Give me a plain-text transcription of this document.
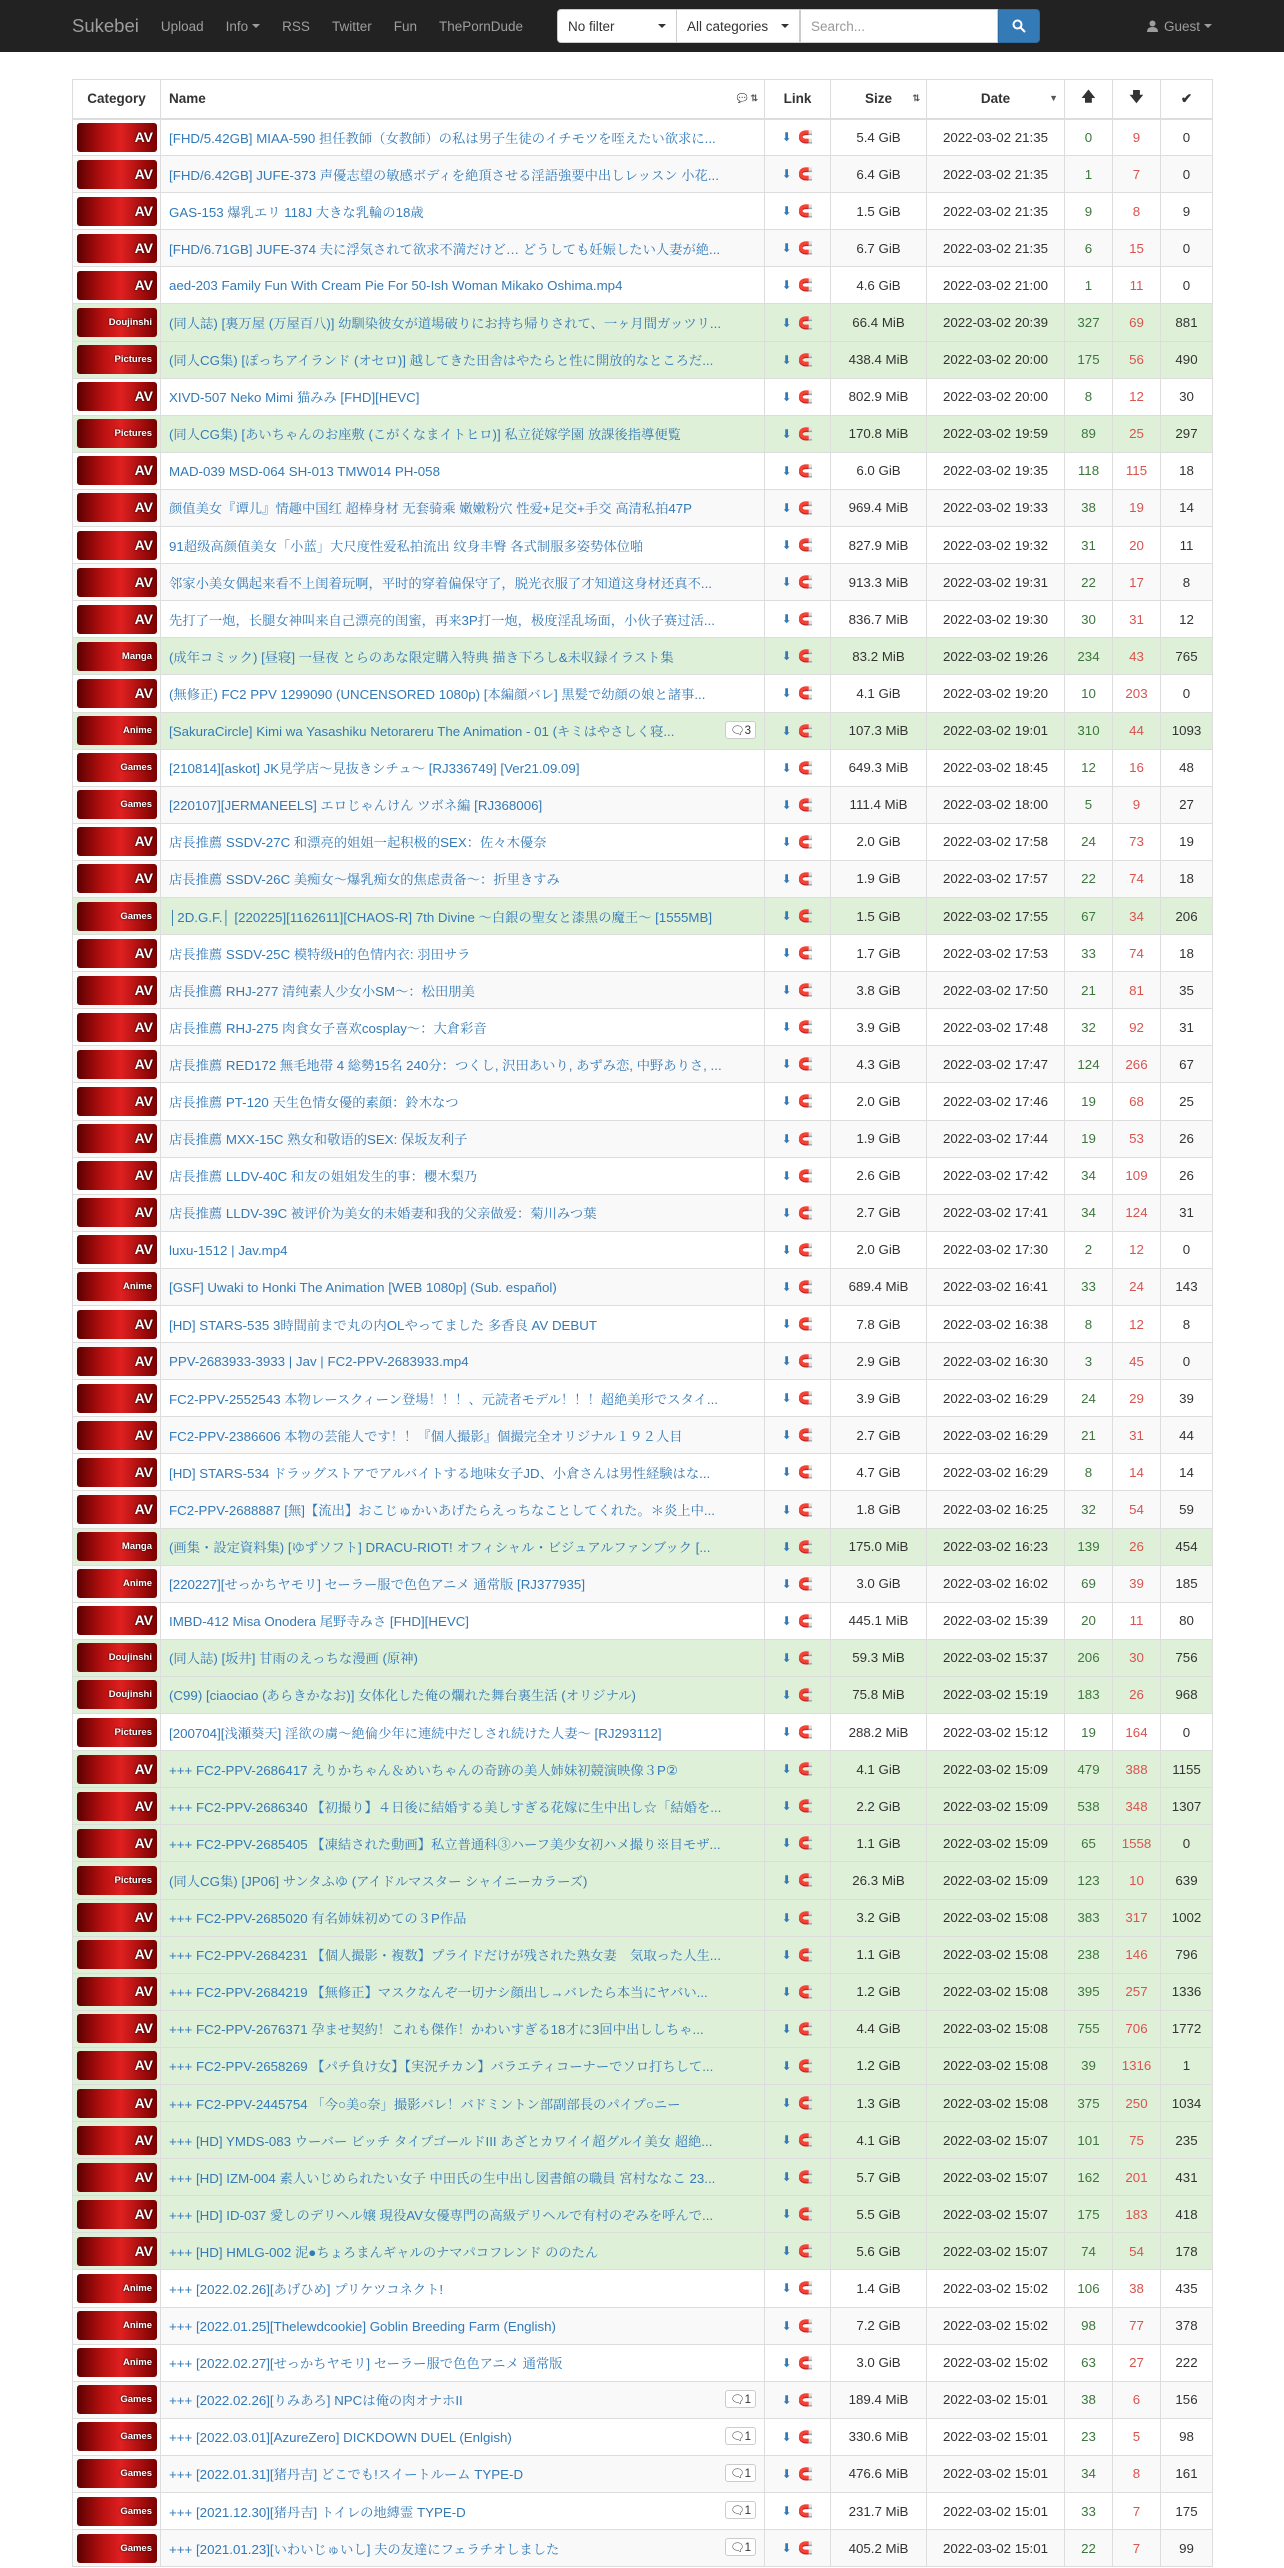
Sukebei Upload Info	RSS Twitter Fun ThePornDude	No filter	All categories	Search...	Guest
Category	Name 💬 ⇅	Link	Size ⇅	Date ▼	🡅	🡇	✔

AV	[FHD/5.42GB] MIAA-590 担任教師（女教師）の私は男子生徒のイチモツを咥えたい欲求に...	⬇ 🧲	5.4 GiB	2022-03-02 21:35	0	9	0

AV	[FHD/6.42GB] JUFE-373 声優志望の敏感ボディを絶頂させる淫語強要中出しレッスン 小花...	⬇ 🧲	6.4 GiB	2022-03-02 21:35	1	7	0

AV	GAS-153 爆乳エリ 118J 大きな乳輪の18歳	⬇ 🧲	1.5 GiB	2022-03-02 21:35	9	8	9

AV	[FHD/6.71GB] JUFE-374 夫に浮気されて欲求不満だけど… どうしても妊娠したい人妻が絶...	⬇ 🧲	6.7 GiB	2022-03-02 21:35	6	15	0

AV	aed-203 Family Fun With Cream Pie For 50-Ish Woman Mikako Oshima.mp4	⬇ 🧲	4.6 GiB	2022-03-02 21:00	1	11	0

Doujinshi	(同人誌) [裏万屋 (万屋百八)] 幼馴染彼女が道場破りにお持ち帰りされて、一ヶ月間ガッツリ...	⬇ 🧲	66.4 MiB	2022-03-02 20:39	327	69	881

Pictures	(同人CG集) [ぽっちアイランド (オセロ)] 越してきた田舎はやたらと性に開放的なところだ...	⬇ 🧲	438.4 MiB	2022-03-02 20:00	175	56	490

AV	XIVD-507 Neko Mimi 猫みみ [FHD][HEVC]	⬇ 🧲	802.9 MiB	2022-03-02 20:00	8	12	30

Pictures	(同人CG集) [あいちゃんのお座敷 (こがくなまイトヒロ)] 私立従嫁学園 放課後指導便覧	⬇ 🧲	170.8 MiB	2022-03-02 19:59	89	25	297

AV	MAD-039 MSD-064 SH-013 TMW014 PH-058	⬇ 🧲	6.0 GiB	2022-03-02 19:35	118	115	18

AV	颜值美女『谭儿』情趣中国红 超棒身材 无套骑乘 嫩嫩粉穴 性爱+足交+手交 高清私拍47P	⬇ 🧲	969.4 MiB	2022-03-02 19:33	38	19	14

AV	91超级高颜值美女「小蓝」大尺度性爱私拍流出 纹身丰臀 各式制服多姿势体位啪	⬇ 🧲	827.9 MiB	2022-03-02 19:32	31	20	11

AV	邻家小美女偶起来看不上闺着玩啊，平时的穿着偏保守了，脱光衣服了才知道这身材还真不...	⬇ 🧲	913.3 MiB	2022-03-02 19:31	22	17	8

AV	先打了一炮，长腿女神叫来自己漂亮的闺蜜，再来3P打一炮，极度淫乱场面，小伙子赛过活...	⬇ 🧲	836.7 MiB	2022-03-02 19:30	30	31	12

Manga	(成年コミック) [昼寝] 一昼夜 とらのあな限定購入特典 描き下ろし&未収録イラスト集	⬇ 🧲	83.2 MiB	2022-03-02 19:26	234	43	765

AV	(無修正) FC2 PPV 1299090 (UNCENSORED 1080p) [本編顔バレ] 黒髪で幼顔の娘と諸事...	⬇ 🧲	4.1 GiB	2022-03-02 19:20	10	203	0

Anime	[SakuraCircle] Kimi wa Yasashiku Netorareru The Animation - 01 (キミはやさしく寝... 🗨3	⬇ 🧲	107.3 MiB	2022-03-02 19:01	310	44	1093

Games	[210814][askot] JK見学店～見抜きシチュ～ [RJ336749] [Ver21.09.09]	⬇ 🧲	649.3 MiB	2022-03-02 18:45	12	16	48

Games	[220107][JERMANEELS] エロじゃんけん ツボネ編 [RJ368006]	⬇ 🧲	111.4 MiB	2022-03-02 18:00	5	9	27

AV	店長推薦 SSDV-27C 和漂亮的姐姐一起积极的SEX：佐々木優奈	⬇ 🧲	2.0 GiB	2022-03-02 17:58	24	73	19

AV	店長推薦 SSDV-26C 美痴女～爆乳痴女的焦虑责备～：折里きすみ	⬇ 🧲	1.9 GiB	2022-03-02 17:57	22	74	18

Games	│2D.G.F.│ [220225][1162611][CHAOS-R] 7th Divine 〜白銀の聖女と漆黒の魔王〜 [1555MB]	⬇ 🧲	1.5 GiB	2022-03-02 17:55	67	34	206

AV	店長推薦 SSDV-25C 模特级H的色情内衣: 羽田サラ	⬇ 🧲	1.7 GiB	2022-03-02 17:53	33	74	18

AV	店長推薦 RHJ-277 清纯素人少女小SM～：松田朋美	⬇ 🧲	3.8 GiB	2022-03-02 17:50	21	81	35

AV	店長推薦 RHJ-275 肉食女子喜欢cosplay～：大倉彩音	⬇ 🧲	3.9 GiB	2022-03-02 17:48	32	92	31

AV	店長推薦 RED172 無毛地帯 4 総勢15名 240分：つくし, 沢田あいり, あずみ恋, 中野ありさ, ...	⬇ 🧲	4.3 GiB	2022-03-02 17:47	124	266	67

AV	店長推薦 PT-120 天生色情女優的素顔：鈴木なつ	⬇ 🧲	2.0 GiB	2022-03-02 17:46	19	68	25

AV	店長推薦 MXX-15C 熟女和敬语的SEX: 保坂友利子	⬇ 🧲	1.9 GiB	2022-03-02 17:44	19	53	26

AV	店長推薦 LLDV-40C 和友の姐姐发生的事：櫻木梨乃	⬇ 🧲	2.6 GiB	2022-03-02 17:42	34	109	26

AV	店長推薦 LLDV-39C 被评价为美女的未婚妻和我的父亲做爱：菊川みつ葉	⬇ 🧲	2.7 GiB	2022-03-02 17:41	34	124	31

AV	luxu-1512 | Jav.mp4	⬇ 🧲	2.0 GiB	2022-03-02 17:30	2	12	0

Anime	[GSF] Uwaki to Honki The Animation [WEB 1080p] (Sub. español)	⬇ 🧲	689.4 MiB	2022-03-02 16:41	33	24	143

AV	[HD] STARS-535 3時間前まで丸の内OLやってました 多香良 AV DEBUT	⬇ 🧲	7.8 GiB	2022-03-02 16:38	8	12	8

AV	PPV-2683933-3933 | Jav | FC2-PPV-2683933.mp4	⬇ 🧲	2.9 GiB	2022-03-02 16:30	3	45	0

AV	FC2-PPV-2552543 本物レースクィーン登場！！！、元読者モデル！！！超絶美形でスタイ...	⬇ 🧲	3.9 GiB	2022-03-02 16:29	24	29	39

AV	FC2-PPV-2386606 本物の芸能人です！！『個人撮影』個撮完全オリジナル１９２人目	⬇ 🧲	2.7 GiB	2022-03-02 16:29	21	31	44

AV	[HD] STARS-534 ドラッグストアでアルバイトする地味女子JD、小倉さんは男性経験はな...	⬇ 🧲	4.7 GiB	2022-03-02 16:29	8	14	14

AV	FC2-PPV-2688887 [無]【流出】おこじゅかいあげたらえっちなことしてくれた。＊炎上中...	⬇ 🧲	1.8 GiB	2022-03-02 16:25	32	54	59

Manga	(画集・設定資料集) [ゆずソフト] DRACU-RIOT! オフィシャル・ビジュアルファンブック [...	⬇ 🧲	175.0 MiB	2022-03-02 16:23	139	26	454

Anime	[220227][せっかちヤモリ] セーラー服で色色アニメ 通常版 [RJ377935]	⬇ 🧲	3.0 GiB	2022-03-02 16:02	69	39	185

AV	IMBD-412 Misa Onodera 尾野寺みさ [FHD][HEVC]	⬇ 🧲	445.1 MiB	2022-03-02 15:39	20	11	80

Doujinshi	(同人誌) [坂井] 甘雨のえっちな漫画 (原神)	⬇ 🧲	59.3 MiB	2022-03-02 15:37	206	30	756

Doujinshi	(C99) [ciaociao (あらきかなお)] 女体化した俺の爛れた舞台裏生活 (オリジナル)	⬇ 🧲	75.8 MiB	2022-03-02 15:19	183	26	968

Pictures	[200704][浅瀬葵天] 淫欲の虜～絶倫少年に連続中だしされ続けた人妻～ [RJ293112]	⬇ 🧲	288.2 MiB	2022-03-02 15:12	19	164	0

AV	+++ FC2-PPV-2686417 えりかちゃん＆めいちゃんの奇跡の美人姉妹初競演映像３P②	⬇ 🧲	4.1 GiB	2022-03-02 15:09	479	388	1155

AV	+++ FC2-PPV-2686340 【初撮り】４日後に結婚する美しすぎる花嫁に生中出し☆「結婚を...	⬇ 🧲	2.2 GiB	2022-03-02 15:09	538	348	1307

AV	+++ FC2-PPV-2685405 【凍結された動画】私立普通科③ハーフ美少女初ハメ撮り※目モザ...	⬇ 🧲	1.1 GiB	2022-03-02 15:09	65	1558	0

Pictures	(同人CG集) [JP06] サンタふゆ (アイドルマスター シャイニーカラーズ)	⬇ 🧲	26.3 MiB	2022-03-02 15:09	123	10	639

AV	+++ FC2-PPV-2685020 有名姉妹初めての３P作品	⬇ 🧲	3.2 GiB	2022-03-02 15:08	383	317	1002

AV	+++ FC2-PPV-2684231 【個人撮影・複数】プライドだけが残された熟女妻　気取った人生...	⬇ 🧲	1.1 GiB	2022-03-02 15:08	238	146	796

AV	+++ FC2-PPV-2684219 【無修正】マスクなんぞ一切ナシ顔出し→バレたら本当にヤバい...	⬇ 🧲	1.2 GiB	2022-03-02 15:08	395	257	1336

AV	+++ FC2-PPV-2676371 孕ませ契約！これも傑作！かわいすぎる18才に3回中出ししちゃ...	⬇ 🧲	4.4 GiB	2022-03-02 15:08	755	706	1772

AV	+++ FC2-PPV-2658269 【パチ負け女】【実況チカン】バラエティコーナーでソロ打ちして...	⬇ 🧲	1.2 GiB	2022-03-02 15:08	39	1316	1

AV	+++ FC2-PPV-2445754 「今○美○奈」撮影バレ！バドミントン部副部長のパイプ○ニー	⬇ 🧲	1.3 GiB	2022-03-02 15:08	375	250	1034

AV	+++ [HD] YMDS-083 ウーバー ビッチ タイプゴールドIII あざとカワイイ超グルイ美女 超絶...	⬇ 🧲	4.1 GiB	2022-03-02 15:07	101	75	235

AV	+++ [HD] IZM-004 素人いじめられたい女子 中田氏の生中出し図書館の職員 宮村ななこ 23...	⬇ 🧲	5.7 GiB	2022-03-02 15:07	162	201	431

AV	+++ [HD] ID-037 愛しのデリヘル嬢 現役AV女優専門の高級デリヘルで有村のぞみを呼んで...	⬇ 🧲	5.5 GiB	2022-03-02 15:07	175	183	418

AV	+++ [HD] HMLG-002 泥●ちょろまんギャルのナマパコフレンド ののたん	⬇ 🧲	5.6 GiB	2022-03-02 15:07	74	54	178

Anime	+++ [2022.02.26][あげひめ] プリケツコネクト!	⬇ 🧲	1.4 GiB	2022-03-02 15:02	106	38	435

Anime	+++ [2022.01.25][Thelewdcookie] Goblin Breeding Farm (English)	⬇ 🧲	7.2 GiB	2022-03-02 15:02	98	77	378

Anime	+++ [2022.02.27][せっかちヤモリ] セーラー服で色色アニメ 通常版	⬇ 🧲	3.0 GiB	2022-03-02 15:02	63	27	222

Games	+++ [2022.02.26][りみあろ] NPCは俺の肉オナホII 🗨1	⬇ 🧲	189.4 MiB	2022-03-02 15:01	38	6	156

Games	+++ [2022.03.01][AzureZero] DICKDOWN DUEL (Enlgish) 🗨1	⬇ 🧲	330.6 MiB	2022-03-02 15:01	23	5	98

Games	+++ [2022.01.31][猪丹吉] どこでも!スイートルーム TYPE-D 🗨1	⬇ 🧲	476.6 MiB	2022-03-02 15:01	34	8	161

Games	+++ [2021.12.30][猪丹吉] トイレの地縛霊 TYPE-D 🗨1	⬇ 🧲	231.7 MiB	2022-03-02 15:01	33	7	175

Games	+++ [2021.01.23][いわいじゅいし] 夫の友達にフェラチオしました 🗨1	⬇ 🧲	405.2 MiB	2022-03-02 15:01	22	7	99
